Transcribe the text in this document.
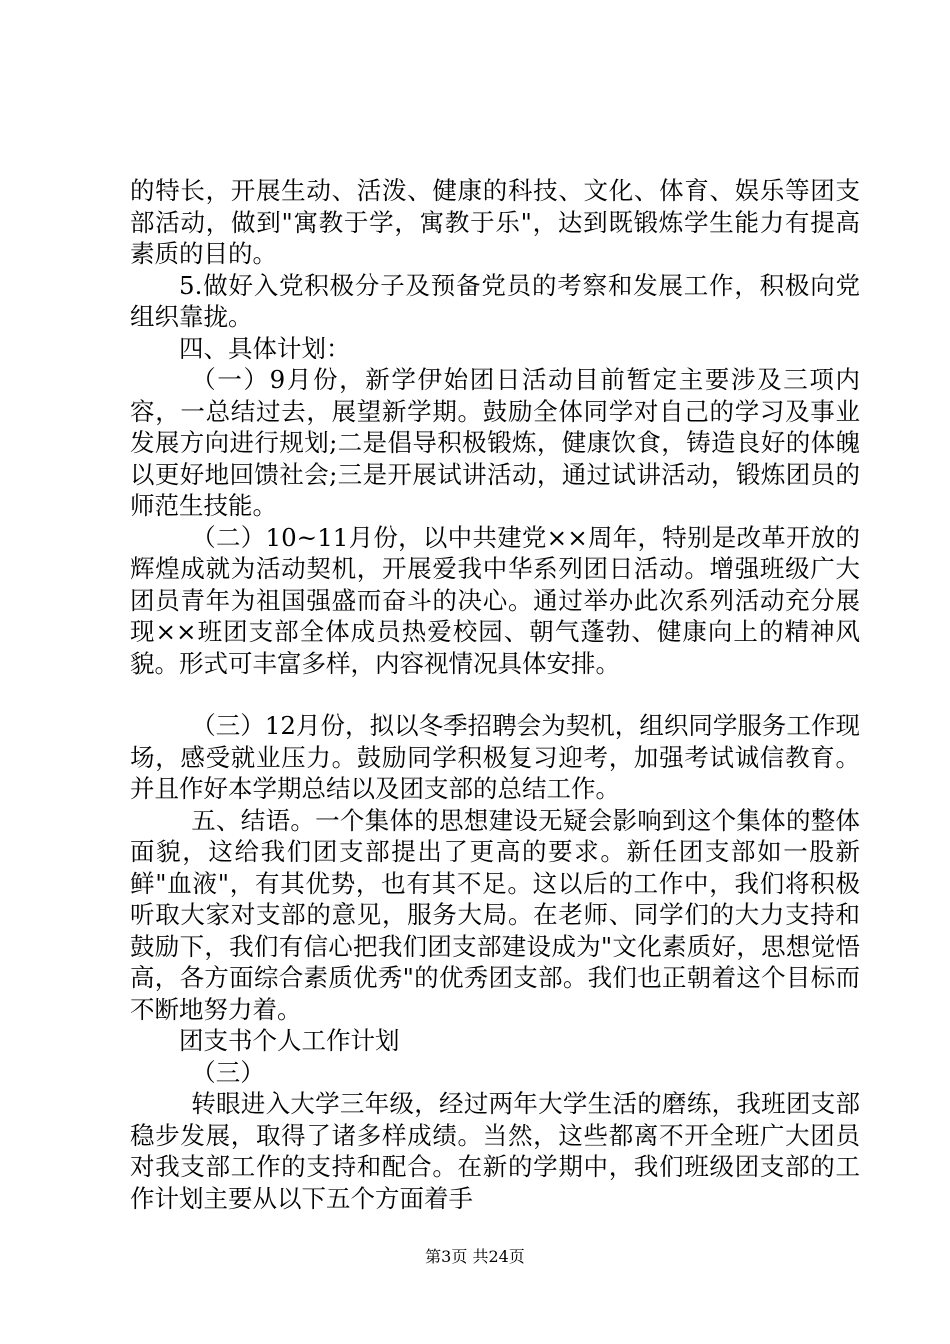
的特长，开展生动、活泼、健康的科技、文化、体育、娱乐等团支部活动，做到"寓教于学，寓教于乐"，达到既锻炼学生能力有提高素质的目的。

5.做好入党积极分子及预备党员的考察和发展工作，积极向党组织靠拢。

四、具体计划：

（一）9月份，新学伊始团日活动目前暂定主要涉及三项内容，一总结过去，展望新学期。鼓励全体同学对自己的学习及事业发展方向进行规划;二是倡导积极锻炼，健康饮食，铸造良好的体魄以更好地回馈社会;三是开展试讲活动，通过试讲活动，锻炼团员的师范生技能。

（二）10~11月份，以中共建党××周年，特别是改革开放的辉煌成就为活动契机，开展爱我中华系列团日活动。增强班级广大团员青年为祖国强盛而奋斗的决心。通过举办此次系列活动充分展现××班团支部全体成员热爱校园、朝气蓬勃、健康向上的精神风貌。形式可丰富多样，内容视情况具体安排。

（三）12月份，拟以冬季招聘会为契机，组织同学服务工作现场，感受就业压力。鼓励同学积极复习迎考，加强考试诚信教育。并且作好本学期总结以及团支部的总结工作。

五、结语。一个集体的思想建设无疑会影响到这个集体的整体面貌，这给我们团支部提出了更高的要求。新任团支部如一股新鲜"血液"，有其优势，也有其不足。这以后的工作中，我们将积极听取大家对支部的意见，服务大局。在老师、同学们的大力支持和鼓励下，我们有信心把我们团支部建设成为"文化素质好，思想觉悟高，各方面综合素质优秀"的优秀团支部。我们也正朝着这个目标而不断地努力着。

团支书个人工作计划

（三）

转眼进入大学三年级，经过两年大学生活的磨练，我班团支部稳步发展，取得了诸多样成绩。当然，这些都离不开全班广大团员对我支部工作的支持和配合。在新的学期中，我们班级团支部的工作计划主要从以下五个方面着手

第3页 共24页
